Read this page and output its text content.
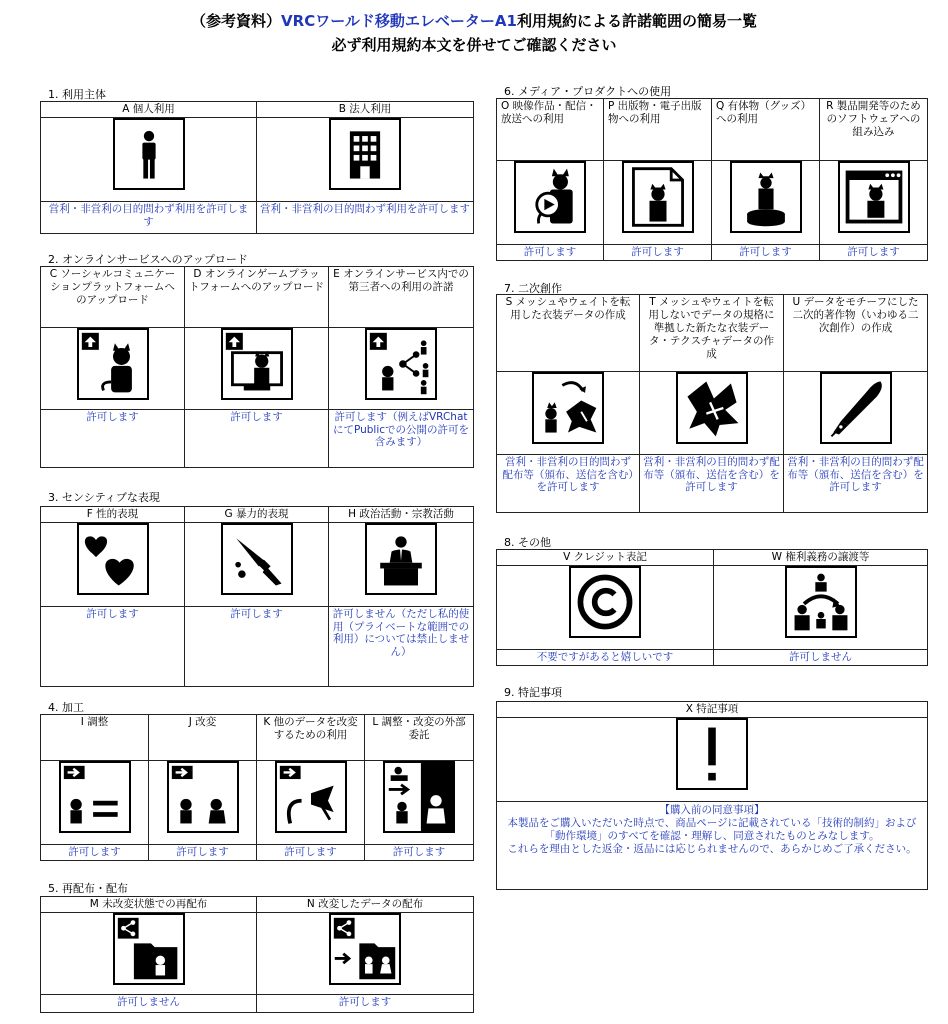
（参考資料）VRCワールド移動エレベーターA1利用規約による許諾範囲の簡易一覧
必ず利用規約本文を併せてご確認ください
1. 利用主体
A 個人利用	B 法人利用

営利・非営利の目的問わず利用を許可します	営利・非営利の目的問わず利用を許可します
2. オンラインサービスへのアップロード
C ソーシャルコミュニケーションプラットフォームへのアップロード	D オンラインゲームプラットフォームへのアップロード	E オンラインサービス内での第三者への利用の許諾

許可します	許可します	許可します（例えばVRChatにてPublicでの公開の許可を含みます）
3. センシティブな表現
F 性的表現	G 暴力的表現	H 政治活動・宗教活動

許可します	許可します	許可しません（ただし私的使用（プライベートな範囲での利用）については禁止しません）
4. 加工
I 調整	J 改変	K 他のデータを改変するための利用	L 調整・改変の外部委託

許可します	許可します	許可します	許可します
5. 再配布・配布
M 未改変状態での再配布	N 改変したデータの配布

許可しません	許可します
6. メディア・プロダクトへの使用
O 映像作品・配信・放送への利用	P 出版物・電子出版物への利用	Q 有体物（グッズ）への利用	R 製品開発等のためのソフトウェアへの組み込み

許可します	許可します	許可します	許可します
7. 二次創作
S メッシュやウェイトを転用した衣装データの作成	T メッシュやウェイトを転用しないでデータの規格に準拠した新たな衣装データ・テクスチャデータの作成	U データをモチーフにした二次的著作物（いわゆる二次創作）の作成

営利・非営利の目的問わず配布等（頒布、送信を含む）を許可します	営利・非営利の目的問わず配布等（頒布、送信を含む）を許可します	営利・非営利の目的問わず配布等（頒布、送信を含む）を許可します
8. その他
V クレジット表記	W 権利義務の譲渡等

不要ですがあると嬉しいです	許可しません
9. 特記事項
X 特記事項

【購入前の同意事項】
本製品をご購入いただいた時点で、商品ページに記載されている「技術的制約」および「動作環境」のすべてを確認・理解し、同意されたものとみなします。
これらを理由とした返金・返品には応じられませんので、あらかじめご了承ください。
